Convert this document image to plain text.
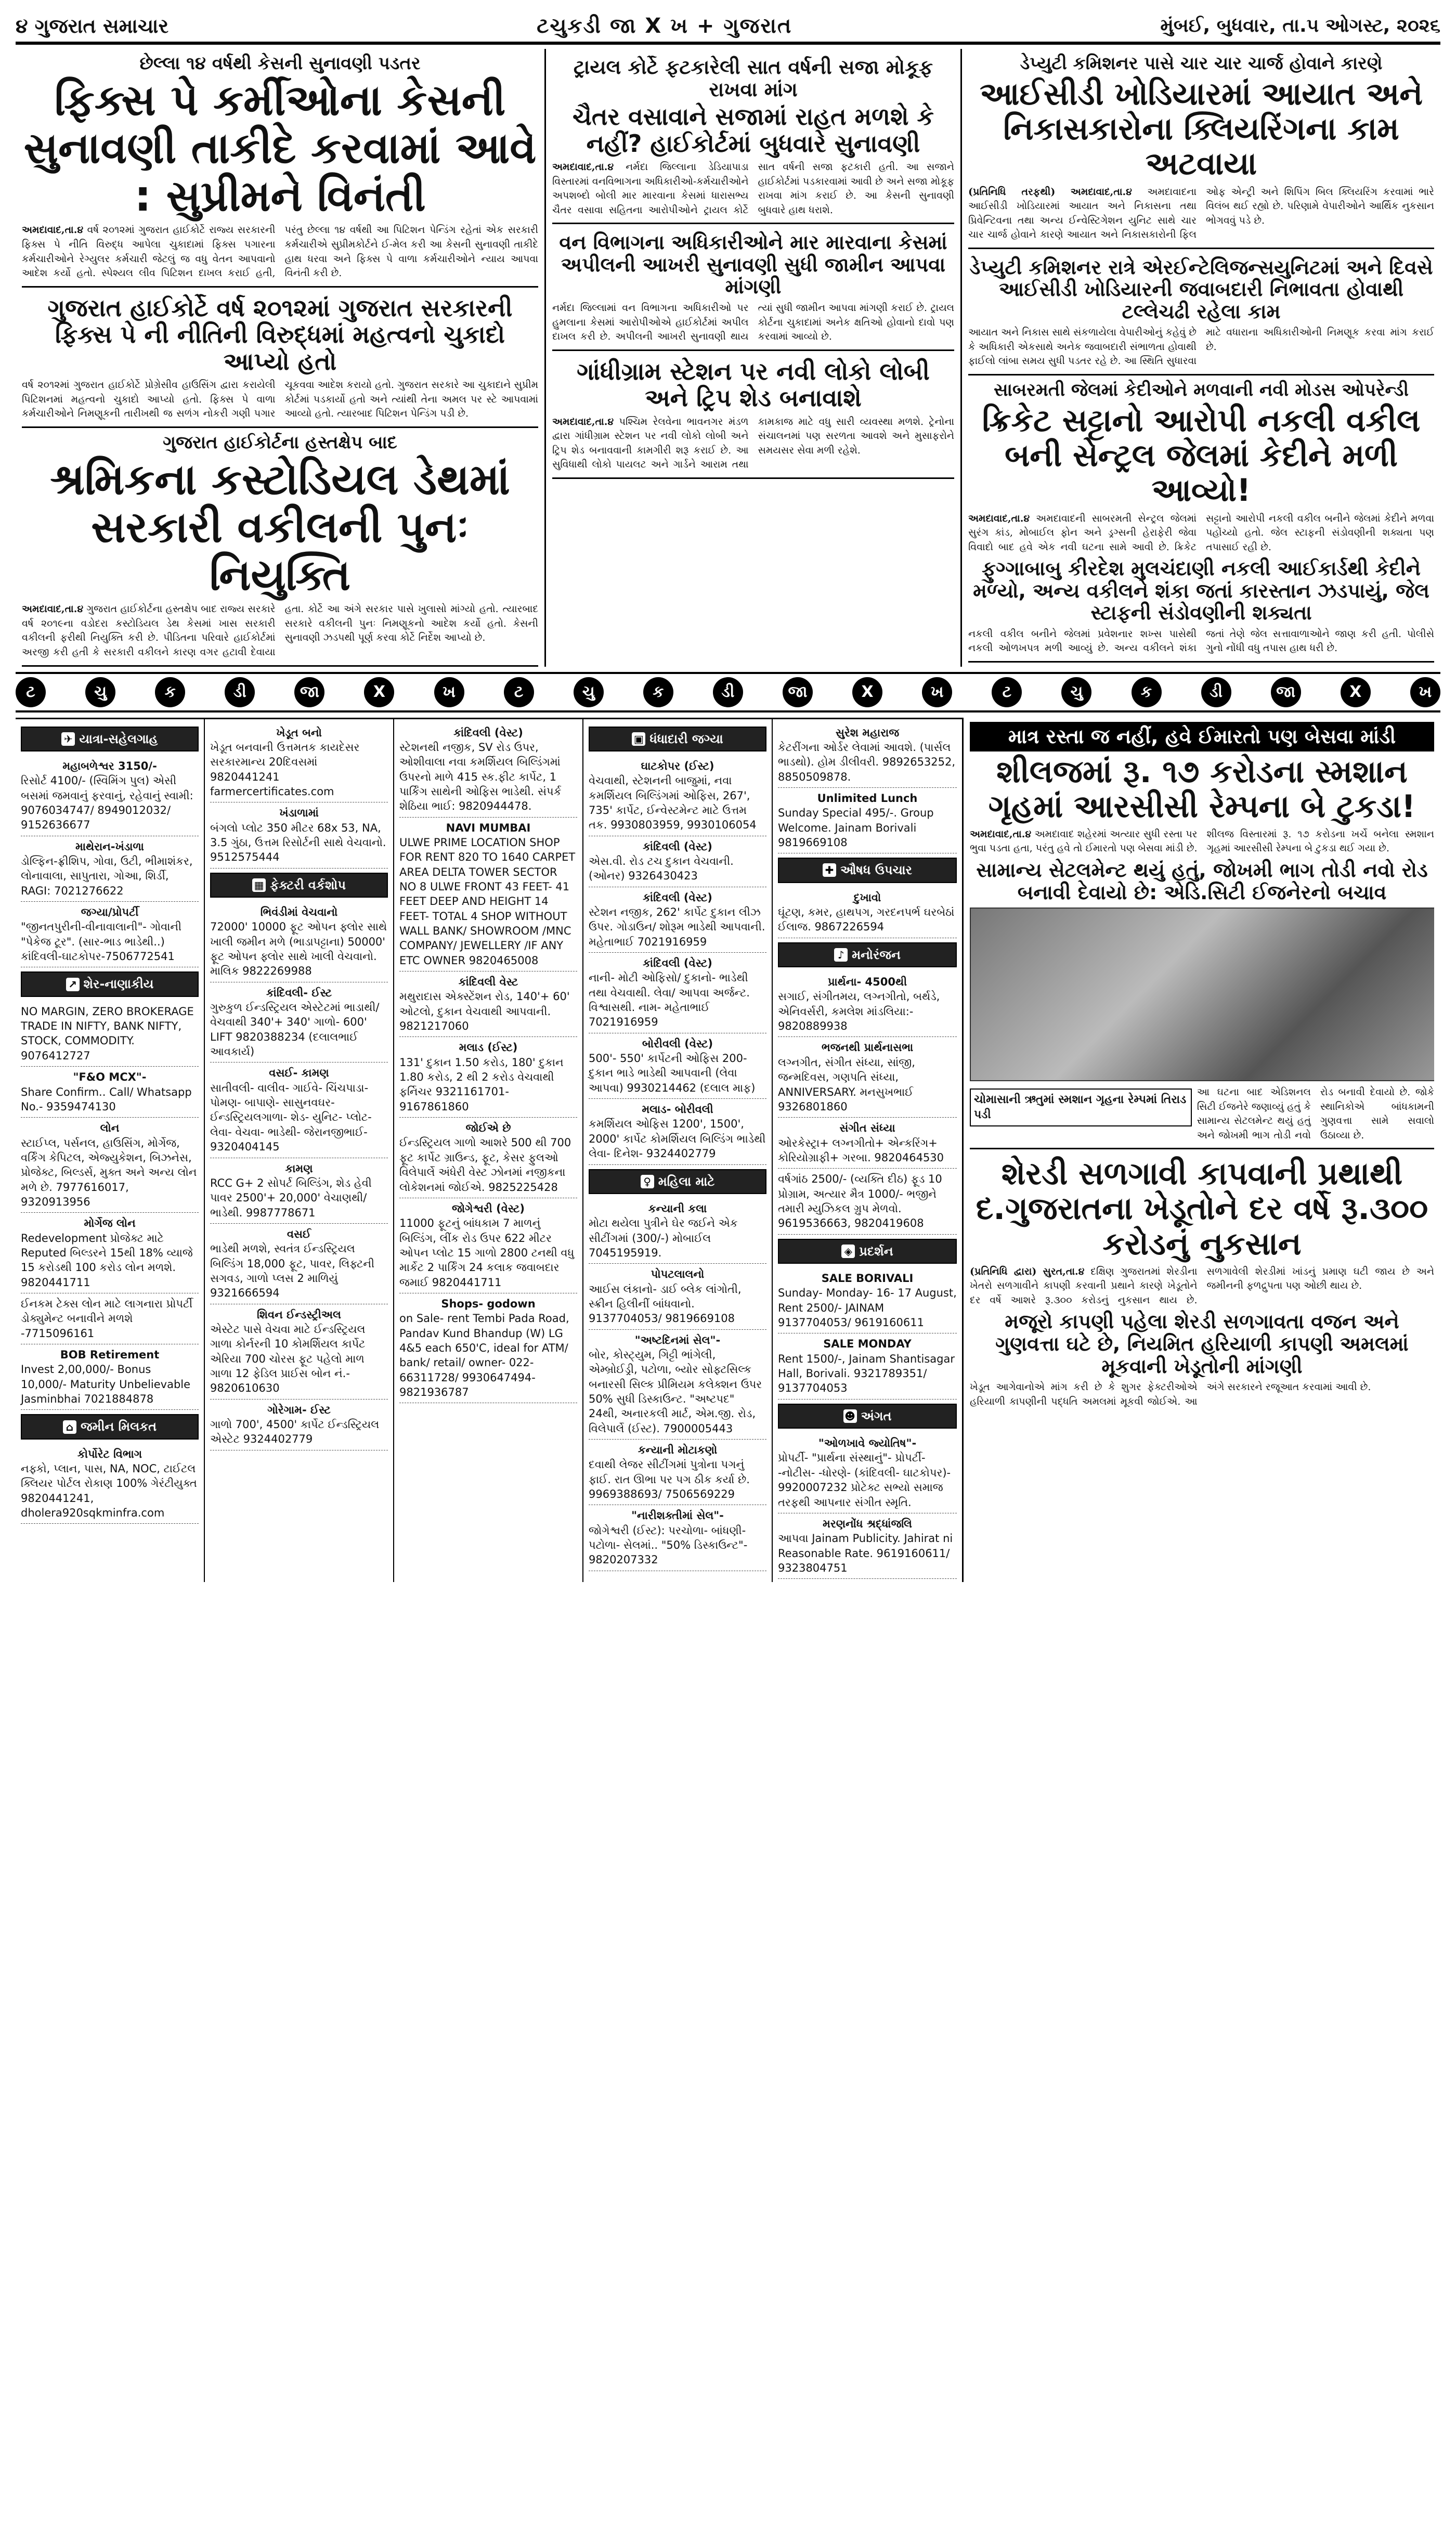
૪ ગુજરાત સમાચાર	ટચુકડી જા X ખ + ગુજરાત	મુંબઈ, બુધવાર, તા.૫ ઓગસ્ટ, ૨૦૨૬
છેલ્લા ૧૪ વર્ષથી કેસની સુનાવણી પડતર
ફિક્સ પે કર્મીઓના કેસની સુનાવણી તાકીદે કરવામાં આવે : સુપ્રીમને વિનંતી
અમદાવાદ,તા.૪ વર્ષ ૨૦૧૨માં ગુજરાત હાઈકોર્ટે રાજ્ય સરકારની ફિક્સ પે નીતિ વિરુદ્ધ આપેલા ચુકાદામાં ફિક્સ પગારના કર્મચારીઓને રેગ્યુલર કર્મચારી જેટલું જ વધુ વેતન આપવાનો આદેશ કર્યો હતો. સ્પેશ્યલ લીવ પિટિશન દાખલ કરાઈ હતી, પરંતુ છેલ્લા ૧૪ વર્ષથી આ પિટિશન પેન્ડિંગ રહેતાં એક સરકારી કર્મચારીએ સુપ્રીમકોર્ટને ઈ-મેલ કરી આ કેસની સુનાવણી તાકીદે હાથ ધરવા અને ફિક્સ પે વાળા કર્મચારીઓને ન્યાય આપવા વિનંતી કરી છે.
ગુજરાત હાઈકોર્ટે વર્ષ ૨૦૧૨માં ગુજરાત સરકારની ફિક્સ પે ની નીતિની વિરુદ્ધમાં મહત્વનો ચુકાદો આપ્યો હતો
વર્ષ ૨૦૧૨માં ગુજરાત હાઈકોર્ટે પ્રોગ્રેસીવ હાઉસિંગ દ્વારા કરાયેલી પિટિશનમાં મહત્વનો ચુકાદો આપ્યો હતો. ફિક્સ પે વાળા કર્મચારીઓને નિમણૂકની તારીખથી જ સળંગ નોકરી ગણી પગાર ચૂકવવા આદેશ કરાયો હતો. ગુજરાત સરકારે આ ચુકાદાને સુપ્રીમ કોર્ટમાં પડકાર્યો હતો અને ત્યાંથી તેના અમલ પર સ્ટે આપવામાં આવ્યો હતો. ત્યારબાદ પિટિશન પેન્ડિંગ પડી છે.
ગુજરાત હાઈકોર્ટના હસ્તક્ષેપ બાદ
શ્રમિકના કસ્ટોડિયલ ડેથમાં સરકારી વકીલની પુનઃ નિયુક્તિ
અમદાવાદ,તા.૪ ગુજરાત હાઈકોર્ટના હસ્તક્ષેપ બાદ રાજ્ય સરકારે વર્ષ ૨૦૧૯ના વડોદરા કસ્ટોડિયલ ડેથ કેસમાં ખાસ સરકારી વકીલની ફરીથી નિયુક્તિ કરી છે. પીડિતના પરિવારે હાઈકોર્ટમાં અરજી કરી હતી કે સરકારી વકીલને કારણ વગર હટાવી દેવાયા હતા. કોર્ટે આ અંગે સરકાર પાસે ખુલાસો માંગ્યો હતો. ત્યારબાદ સરકારે વકીલની પુનઃ નિમણૂકનો આદેશ કર્યો હતો. કેસની સુનાવણી ઝડપથી પૂર્ણ કરવા કોર્ટે નિર્દેશ આપ્યો છે.
ટ્રાયલ કોર્ટે ફટકારેલી સાત વર્ષની સજા મોકૂફ રાખવા માંગ
ચૈતર વસાવાને સજામાં રાહત મળશે કે નહીં? હાઈકોર્ટમાં બુધવારે સુનાવણી
અમદાવાદ,તા.૪ નર્મદા જિલ્લાના ડેડિયાપાડા વિસ્તારમાં વનવિભાગના અધિકારીઓ-કર્મચારીઓને અપશબ્દો બોલી માર મારવાના કેસમાં ધારાસભ્ય ચૈતર વસાવા સહિતના આરોપીઓને ટ્રાયલ કોર્ટે સાત વર્ષની સજા ફટકારી હતી. આ સજાને હાઈકોર્ટમાં પડકારવામાં આવી છે અને સજા મોકૂફ રાખવા માંગ કરાઈ છે. આ કેસની સુનાવણી બુધવારે હાથ ધરાશે.
વન વિભાગના અધિકારીઓને માર મારવાના કેસમાં અપીલની આખરી સુનાવણી સુધી જામીન આપવા માંગણી
નર્મદા જિલ્લામાં વન વિભાગના અધિકારીઓ પર હુમલાના કેસમાં આરોપીઓએ હાઈકોર્ટમાં અપીલ દાખલ કરી છે. અપીલની આખરી સુનાવણી થાય ત્યાં સુધી જામીન આપવા માંગણી કરાઈ છે. ટ્રાયલ કોર્ટના ચુકાદામાં અનેક ક્ષતિઓ હોવાનો દાવો પણ કરવામાં આવ્યો છે.
ગાંધીગ્રામ સ્ટેશન પર નવી લોકો લોબી અને ટ્રિપ શેડ બનાવાશે
અમદાવાદ,તા.૪ પશ્ચિમ રેલવેના ભાવનગર મંડળ દ્વારા ગાંધીગ્રામ સ્ટેશન પર નવી લોકો લોબી અને ટ્રિપ શેડ બનાવવાની કામગીરી શરૂ કરાઈ છે. આ સુવિધાથી લોકો પાયલટ અને ગાર્ડને આરામ તથા કામકાજ માટે વધુ સારી વ્યવસ્થા મળશે. ટ્રેનોના સંચાલનમાં પણ સરળતા આવશે અને મુસાફરોને સમયસર સેવા મળી રહેશે.
ડેપ્યુટી કમિશનર પાસે ચાર ચાર ચાર્જ હોવાને કારણે
આઈસીડી ખોડિયારમાં આયાત અને નિકાસકારોના ક્લિયરિંગના કામ અટવાયા
(પ્રતિનિધિ તરફથી) અમદાવાદ,તા.૪ અમદાવાદના આઈસીડી ખોડિયારમાં આયાત અને નિકાસના તથા પ્રિવેન્ટિવના તથા અન્ય ઈન્વેસ્ટિગેશન યુનિટ સાથે ચાર ચાર ચાર્જ હોવાને કારણે આયાત અને નિકાસકારોની ફિલ ઓફ એન્ટ્રી અને શિપિંગ બિલ ક્લિયરિંગ કરવામાં ભારે વિલંબ થઈ રહ્યો છે. પરિણામે વેપારીઓને આર્થિક નુકસાન ભોગવવું પડે છે.
ડેપ્યુટી કમિશનર રાત્રે એરઈન્ટેલિજન્સયુનિટમાં અને દિવસે આઈસીડી ખોડિયારની જવાબદારી નિભાવતા હોવાથી ટલ્લેચઢી રહેલા કામ
આયાત અને નિકાસ સાથે સંકળાયેલા વેપારીઓનું કહેવું છે કે અધિકારી એકસાથે અનેક જવાબદારી સંભાળતા હોવાથી ફાઈલો લાંબા સમય સુધી પડતર રહે છે. આ સ્થિતિ સુધારવા માટે વધારાના અધિકારીઓની નિમણૂક કરવા માંગ કરાઈ છે.
સાબરમતી જેલમાં કેદીઓને મળવાની નવી મોડસ ઓપરેન્ડી
ક્રિકેટ સટ્ટાનો આરોપી નકલી વકીલ બની સેન્ટ્રલ જેલમાં કેદીને મળી આવ્યો!
અમદાવાદ,તા.૪ અમદાવાદની સાબરમતી સેન્ટ્રલ જેલમાં સુરંગ કાંડ, મોબાઈલ ફોન અને ડ્રગ્સની હેરાફેરી જેવા વિવાદો બાદ હવે એક નવી ઘટના સામે આવી છે. ક્રિકેટ સટ્ટાનો આરોપી નકલી વકીલ બનીને જેલમાં કેદીને મળવા પહોંચ્યો હતો. જેલ સ્ટાફની સંડોવણીની શક્યતા પણ તપાસાઈ રહી છે.
ફુગ્ગાબાબુ કીરદેશ મુલચંદાણી નકલી આઈકાર્ડથી કેદીને મળ્યો, અન્ય વકીલને શંકા જતાં કારસ્તાન ઝડપાયું, જેલ સ્ટાફની સંડોવણીની શક્યતા
નકલી વકીલ બનીને જેલમાં પ્રવેશનાર શખ્સ પાસેથી નકલી ઓળખપત્ર મળી આવ્યું છે. અન્ય વકીલને શંકા જતાં તેણે જેલ સત્તાવાળાઓને જાણ કરી હતી. પોલીસે ગુનો નોંધી વધુ તપાસ હાથ ધરી છે.
ટ	ચુ	ક	ડી	જા	X	ખ	ટ	ચુ	ક	ડી	જા	X	ખ	ટ	ચુ	ક	ડી	જા	X	ખ
✈ યાત્રા-સહેલગાહ
મહાબળેશ્વર 3150/-

રિસોર્ટ 4100/- (સ્વિમિંગ પુલ) એસી બસમાં જમવાનું ફરવાનું, રહેવાનું સ્વામી: 9076034747/ 8949012032/ 9152636677

માથેરાન-ખંડાળા

ડોલ્ફિન-ફ્રીશિપ, ગોવા, ઉટી, ભીમાશંકર, લોનાવાલા, સાપુતારા, ગોઆ, શિર્ડી, RAGI: 7021276622

જગ્યા/પ્રોપર્ટી

"જીનતપુરીની-વીનાવાલાની"- ગોવાની "પેકેજ ટૂર". (સાર-ભાડ ભાડેથી..) કાંદિવલી-ઘાટકોપર-7506772541

↗ શેર-નાણાકીય

NO MARGIN, ZERO BROKERAGE TRADE IN NIFTY, BANK NIFTY, STOCK, COMMODITY. 9076412727

"F&O MCX"-

Share Confirm.. Call/ Whatsapp No.- 9359474130

લોન

સ્ટાઈપ્લ, પર્સનલ, હાઉસિંગ, મોર્ગેજ, વર્કિંગ કેપિટલ, એજ્યુકેશન, બિઝનેસ, પ્રોજેક્ટ, બિલ્ડર્સ, મુક્ત અને અન્ય લોન મળે છે. 7977616017, 9320913956

મોર્ગેજ લોન

Redevelopment પ્રોજેક્ટ માટે Reputed બિલ્ડરને 15થી 18% વ્યાજે 15 કરોડથી 100 કરોડ લોન મળશે. 9820441711

ઈનકમ ટેક્સ લોન માટે લાગનારા પ્રોપર્ટી ડોક્યુમેન્ટ બનાવીને મળશે -7715096161

BOB Retirement

Invest 2,00,000/- Bonus 10,000/- Maturity Unbelievable Jasminbhai 7021884878

⌂ જમીન મિલકત
કોર્પોરેટ વિભાગ

નફ્કો, પ્લાન, પાસ, NA, NOC, ટાઈટલ ક્લિયર પોર્ટલ રોકાણ 100% ગેરંટીયુક્ત 9820441241, dholera920sqkminfra.com

ખેડૂત બનો

ખેડૂત બનવાની ઉત્તમતક કાયદેસર સરકારમાન્ય 20દિવસમાં 9820441241 farmercertificates.com

ખંડાળામાં

બંગલો પ્લોટ 350 મીટર 68x 53, NA, 3.5 ગુંઠા, ઉત્તમ રિસોર્ટની સાથે વેચવાનો. 9512575444

▦ ફેક્ટરી વર્કશોપ
ભિવંડીમાં વેચવાનો

72000' 10000 ફૂટ ઓપન ફ્લોર સાથે ખાલી જમીન મળે (ભાડાપટ્ટાના) 50000' ફૂટ ઓપન ફ્લોર સાથે ખાલી વેચવાનો. માલિક 9822269988

કાંદિવલી- ઈસ્ટ

ગુરુકુળ ઈન્ડસ્ટ્રિયલ એસ્ટેટમાં ભાડાથી/ વેચવાથી 340'+ 340' ગાળો- 600' LIFT 9820388234 (દલાલભાઈ આવકાર્ય)

વસઈ- કામણ

સાતીવલી- વાલીવ- ગાઈવે- ચિંચપાડા- પોમણ- બાપાણે- સાસુનવઘર- ઈન્ડસ્ટ્રિયલગાળા- શેડ- યુનિટ- પ્લોટ- લેવા- વેચવા- ભાડેથી- જેરાનજીભાઈ- 9320404145

કામણ

RCC G+ 2 સોપર્ટ બિલ્ડિંગ, શેડ હેવી પાવર 2500'+ 20,000' વેચાણથી/ ભાડેથી. 9987778671

વસઈ

ભાડેથી મળશે, સ્વતંત્ર ઈન્ડસ્ટ્રિયલ બિલ્ડિંગ 18,000 ફૂટ, પાવર, લિફ્ટની સગવડ, ગાળો પ્લસ 2 માળિયું 9321666594

શિવન ઈન્ડસ્ટ્રીઅલ

એસ્ટેટ પાસે વેચવા માટે ઈન્ડસ્ટ્રિયલ ગાળા કોર્નરની 10 કોમર્શિયલ કાર્પેટ એરિયા 700 ચોરસ ફૂટ પહેલો માળ ગાળા 12 ફેડિલ પ્રાઈસ બોન નં.- 9820610630

ગોરેગામ- ઈસ્ટ

ગાળો 700', 4500' કાર્પેટ ઈન્ડસ્ટ્રિયલ એસ્ટેટ 9324402779

કાંદિવલી (વેસ્ટ)

સ્ટેશનથી નજીક, SV રોડ ઉપર, ઓશીવાલા નવા કમર્શિયલ બિલ્ડિંગમાં ઉપરનો માળે 415 સ્ક.ફીટ કાર્પેટ, 1 પાર્કિંગ સાથેની ઓફિસ ભાડેથી. સંપર્ક શેઠિયા ભાઈ: 9820944478.

NAVI MUMBAI

ULWE PRIME LOCATION SHOP FOR RENT 820 TO 1640 CARPET AREA DELTA TOWER SECTOR NO 8 ULWE FRONT 43 FEET- 41 FEET DEEP AND HEIGHT 14 FEET- TOTAL 4 SHOP WITHOUT WALL BANK/ SHOWROOM /MNC COMPANY/ JEWELLERY /IF ANY ETC OWNER 9820465008

કાંદિવલી વેસ્ટ

મથુરાદાસ એક્સ્ટેંશન રોડ, 140'+ 60' ઓટલો, દુકાન વેચવાથી આપવાની. 9821217060

મલાડ (ઈસ્ટ)

131' દુકાન 1.50 કરોડ, 180' દુકાન 1.80 કરોડ, 2 થી 2 કરોડ વેચવાથી ફર્નિચર 9321161701- 9167861860

જોઈએ છે

ઈન્ડસ્ટ્રિયલ ગાળો આશરે 500 થી 700 ફૂટ કાર્પેટ ગ્રાઉન્ડ, ફૂટ, કેસર ફુલઓ વિલેપાર્લે અંધેરી વેસ્ટ ઝોનમાં નજીકના લોકેશનમાં જોઈએ. 9825225428

જોગેશ્વરી (વેસ્ટ)

11000 ફૂટનું બાંધકામ 7 માળનું બિલ્ડિંગ, લીંક રોડ ઉપર 622 મીટર ઓપન પ્લોટ 15 ગાળો 2800 ટનથી વધુ માર્કેટ 2 પાર્કિંગ 24 કલાક જવાબદાર જમાઈ 9820441711

Shops- godown

on Sale- rent Tembi Pada Road, Pandav Kund Bhandup (W) LG 4&5 each 650'C, ideal for ATM/ bank/ retail/ owner- 022-66311728/ 9930647494- 9821936787

▣ ધંધાદારી જગ્યા
ઘાટકોપર (ઈસ્ટ)

વેચવાથી, સ્ટેશનની બાજુમાં, નવા કમર્શિયલ બિલ્ડિંગમાં ઓફિસ, 267', 735' કાર્પેટ, ઈન્વેસ્ટમેન્ટ માટે ઉત્તમ તક. 9930803959, 9930106054

કાંદિવલી (વેસ્ટ)

એસ.વી. રોડ ટચ દુકાન વેચવાની. (ઓનર) 9326430423

કાંદિવલી (વેસ્ટ)

સ્ટેશન નજીક, 262' કાર્પેટ દુકાન લીઝ ઉપર. ગોડાઉન/ શોરૂમ ભાડેથી આપવાની. મહેતાભાઈ 7021916959

કાંદિવલી (વેસ્ટ)

નાની- મોટી ઓફિસો/ દુકાનો- ભાડેથી તથા વેચવાથી. લેવા/ આપવા અર્જન્ટ. વિશ્વાસથી. નામ- મહેતાભાઈ 7021916959

બોરીવલી (વેસ્ટ)

500'- 550' કાર્પેટની ઓફિસ 200- દુકાન ભાડે ભાડેથી આપવાની (લેવા આપવા) 9930214462 (દલાલ માફ)

મલાડ- બોરીવલી

કમર્શિયલ ઓફિસ 1200', 1500', 2000' કાર્પેટ કોમર્શિયલ બિલ્ડિંગ ભાડેથી લેવા- દિનેશ- 9324402779

♀ મહિલા માટે
કન્યાની કલા

મોટા થયેલા પુત્રીને ઘેર જઈને એક સીટીંગમાં (300/-) મોબાઈલ 7045195919.

પોપટલાલનો

આઈસ લંકાનો- ડાઈ બ્લેક લાંગોતી, સ્ક્રીન હિલીનીં બાંધવાનો. 9137704053/ 9819669108

"અષ્ટદિનમાં સેલ"-

બોર, કોસ્ટ્યુમ, ગિટ્ટી ભાંગેલી, એમ્બ્રોઈડ્રી, પટોળા, બ્યોર સોફ્ટસિલ્ક બનારસી સિલ્ક પ્રીમિયમ કલેક્શન ઉપર 50% સુધી ડિસ્કાઉન્ટ. "અષ્ટપદ" 24થી, અનારકલી માર્ટ, એમ.જી. રોડ, વિલેપાર્લે (ઈસ્ટ). 7900005443

કન્યાની મોટાકણો

દવાથી લેજર સીટીંગમાં પુત્રોના પગનું ફાઈ. રાત ઊભા પર પગ ઠીક કર્યા છે. 9969388693/ 7506569229

"નારીશક્તીમાં સેલ"-

જોગેશ્વરી (ઈસ્ટ): પરચોળા- બાંધણી- પટોળા- સેલમાં.. "50% ડિસ્કાઉન્ટ"- 9820207332

સુરેશ મહારાજ

કેટરીંગના ઓર્ડર લેવામાં આવશે. (પાર્સલ ભાડથો). હોમ ડીલીવરી. 9892653252, 8850509878.

Unlimited Lunch

Sunday Special 495/-. Group Welcome. Jainam Borivali 9819669108

✚ ઔષધ ઉપચાર
દુખાવો

ઘૂંટણ, કમર, હાથપગ, ગરદનપર્ભ ઘરબેઠાં ઈલાજ. 9867226594

♪ મનોરંજન
પ્રાર્થના- 4500થી

સગાઈ, સંગીતમય, લગ્નગીતો, બર્થડે, એનિવર્સરી, કમલેશ માંડલિયા:- 9820889938

ભજનથી પ્રાર્થનાસભા

લગ્નગીત, સંગીત સંધ્યા, સાંજી, જન્મદિવસ, ગણપતિ સંધ્યા, ANNIVERSARY. મનસુખભાઈ 9326801860

સંગીત સંધ્યા

ઓરકેસ્ટ્રા+ લગ્નગીતો+ એન્કરિંગ+ કોરિયોગ્રાફી+ ગરબા. 9820464530

વર્ષગાંઠ 2500/- (વ્યક્તિ દીઠ) ફૂડ 10 પ્રોગ્રામ, અત્યાર મૈત્ર 1000/- ભજીને તમારી મ્યુઝિકલ ગ્રુપ મેળવો. 9619536663, 9820419608

◈ પ્રદર્શન
SALE BORIVALI

Sunday- Monday- 16- 17 August, Rent 2500/- JAINAM 9137704053/ 9619160611

SALE MONDAY

Rent 1500/-, Jainam Shantisagar Hall, Borivali. 9321789351/ 9137704053

☻ અંગત
"ઓળખાવે જ્યોતિષ"-

પ્રોપર્ટી- "પ્રાર્થના સંસ્થાનું"- પ્રોપર્ટી- -નોટીસ- -ધોરણે- (કાંદિવલી- ઘાટકોપર)- 9920007232 પ્રોટેક્ટ સભ્યો સમાજ તરફથી આપનાર સંગીત સ્મૃતિ.

મરણનોંધ શ્રદ્ધાંજલિ

આપવા Jainam Publicity. Jahirat ni Reasonable Rate. 9619160611/ 9323804751

માત્ર રસ્તા જ નહીં, હવે ઈમારતો પણ બેસવા માંડી
શીલજમાં રૂ. ૧૭ કરોડના સ્મશાન ગૃહમાં આરસીસી રેમ્પના બે ટુકડા!
અમદાવાદ,તા.૪ અમદાવાદ શહેરમાં અત્યાર સુધી રસ્તા પર ભુવા પડતા હતા, પરંતુ હવે તો ઈમારતો પણ બેસવા માંડી છે. શીલજ વિસ્તારમાં રૂ. ૧૭ કરોડના ખર્ચે બનેલા સ્મશાન ગૃહમાં આરસીસી રેમ્પના બે ટુકડા થઈ ગયા છે.
સામાન્ય સેટલમેન્ટ થયું હતું, જોખમી ભાગ તોડી નવો રોડ બનાવી દેવાયો છે: એડિ.સિટી ઈજનેરનો બચાવ
ચોમાસાની ઋતુમાં સ્મશાન ગૃહના રેમ્પમાં તિરાડ પડી
આ ઘટના બાદ એડિશનલ સિટી ઈજનેરે જણાવ્યું હતું કે સામાન્ય સેટલમેન્ટ થયું હતું અને જોખમી ભાગ તોડી નવો રોડ બનાવી દેવાયો છે. જોકે સ્થાનિકોએ બાંધકામની ગુણવત્તા સામે સવાલો ઉઠાવ્યા છે.
શેરડી સળગાવી કાપવાની પ્રથાથી દ.ગુજરાતના ખેડૂતોને દર વર્ષે રૂ.૩૦૦ કરોડનું નુકસાન
(પ્રતિનિધિ દ્વારા) સુરત,તા.૪ દક્ષિણ ગુજરાતમાં શેરડીના ખેતરો સળગાવીને કાપણી કરવાની પ્રથાને કારણે ખેડૂતોને દર વર્ષે આશરે રૂ.૩૦૦ કરોડનું નુકસાન થાય છે. સળગાવેલી શેરડીમાં ખાંડનું પ્રમાણ ઘટી જાય છે અને જમીનની ફળદ્રુપતા પણ ઓછી થાય છે.
મજૂરો કાપણી પહેલા શેરડી સળગાવતા વજન અને ગુણવત્તા ઘટે છે, નિયમિત હરિયાળી કાપણી અમલમાં મૂકવાની ખેડૂતોની માંગણી
ખેડૂત આગેવાનોએ માંગ કરી છે કે શુગર ફેક્ટરીઓએ હરિયાળી કાપણીની પદ્ધતિ અમલમાં મૂકવી જોઈએ. આ અંગે સરકારને રજૂઆત કરવામાં આવી છે.
